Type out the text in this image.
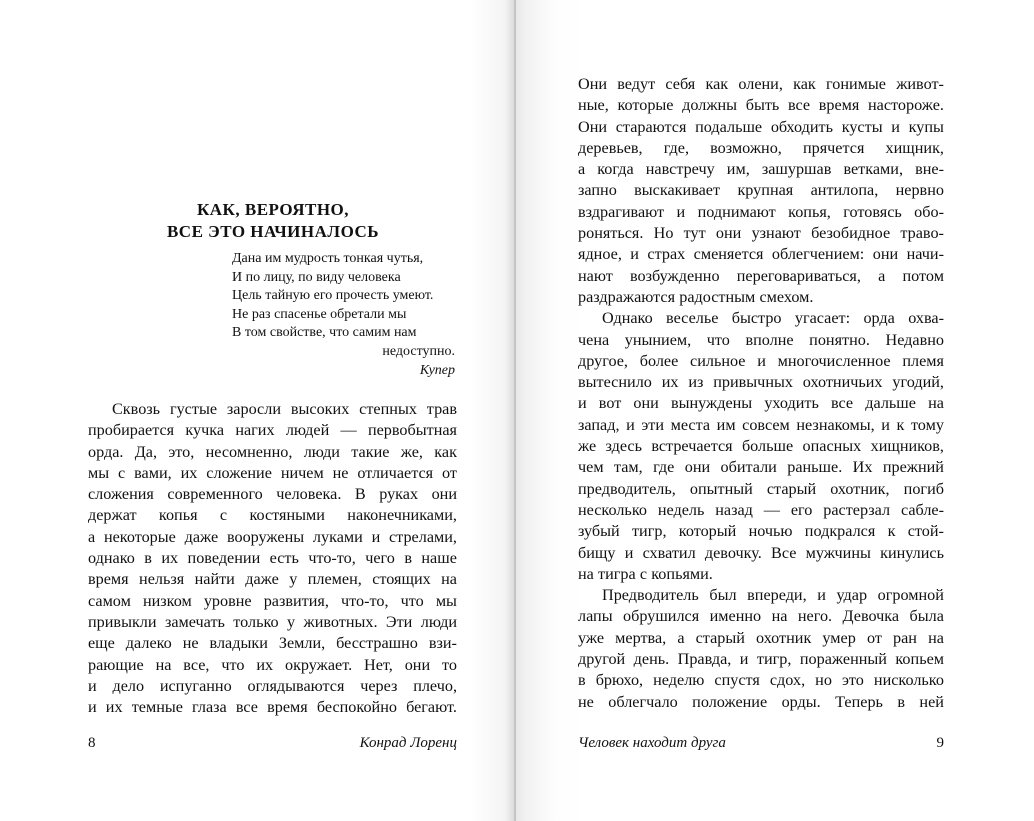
КАК, ВЕРОЯТНО,
ВСЕ ЭТО НАЧИНАЛОСЬ
Дана им мудрость тонкая чутья,
И по лицу, по виду человека
Цель тайную его прочесть умеют.
Не раз спасенье обретали мы
В том свойстве, что самим нам
недоступно.
Купер
Сквозь густые заросли высоких степных трав
пробирается кучка нагих людей — первобытная
орда. Да, это, несомненно, люди такие же, как
мы с вами, их сложение ничем не отличается от
сложения современного человека. В руках они
держат копья с костяными наконечниками,
а некоторые даже вооружены луками и стрелами,
однако в их поведении есть что-то, чего в наше
время нельзя найти даже у племен, стоящих на
самом низком уровне развития, что-то, что мы
привыкли замечать только у животных. Эти люди
еще далеко не владыки Земли, бесстрашно взи-
рающие на все, что их окружает. Нет, они то
и дело испуганно оглядываются через плечо,
и их темные глаза все время беспокойно бегают.
8	Конрад Лоренц
Они ведут себя как олени, как гонимые живот-
ные, которые должны быть все время настороже.
Они стараются подальше обходить кусты и купы
деревьев, где, возможно, прячется хищник,
а когда навстречу им, зашуршав ветками, вне-
запно выскакивает крупная антилопа, нервно
вздрагивают и поднимают копья, готовясь обо-
роняться. Но тут они узнают безобидное траво-
ядное, и страх сменяется облегчением: они начи-
нают возбужденно переговариваться, а потом
раздражаются радостным смехом.
Однако веселье быстро угасает: орда охва-
чена унынием, что вполне понятно. Недавно
другое, более сильное и многочисленное племя
вытеснило их из привычных охотничьих угодий,
и вот они вынуждены уходить все дальше на
запад, и эти места им совсем незнакомы, и к тому
же здесь встречается больше опасных хищников,
чем там, где они обитали раньше. Их прежний
предводитель, опытный старый охотник, погиб
несколько недель назад — его растерзал сабле-
зубый тигр, который ночью подкрался к стой-
бищу и схватил девочку. Все мужчины кинулись
на тигра с копьями.
Предводитель был впереди, и удар огромной
лапы обрушился именно на него. Девочка была
уже мертва, а старый охотник умер от ран на
другой день. Правда, и тигр, пораженный копьем
в брюхо, неделю спустя сдох, но это нисколько
не облегчало положение орды. Теперь в ней
Человек находит друга	9
